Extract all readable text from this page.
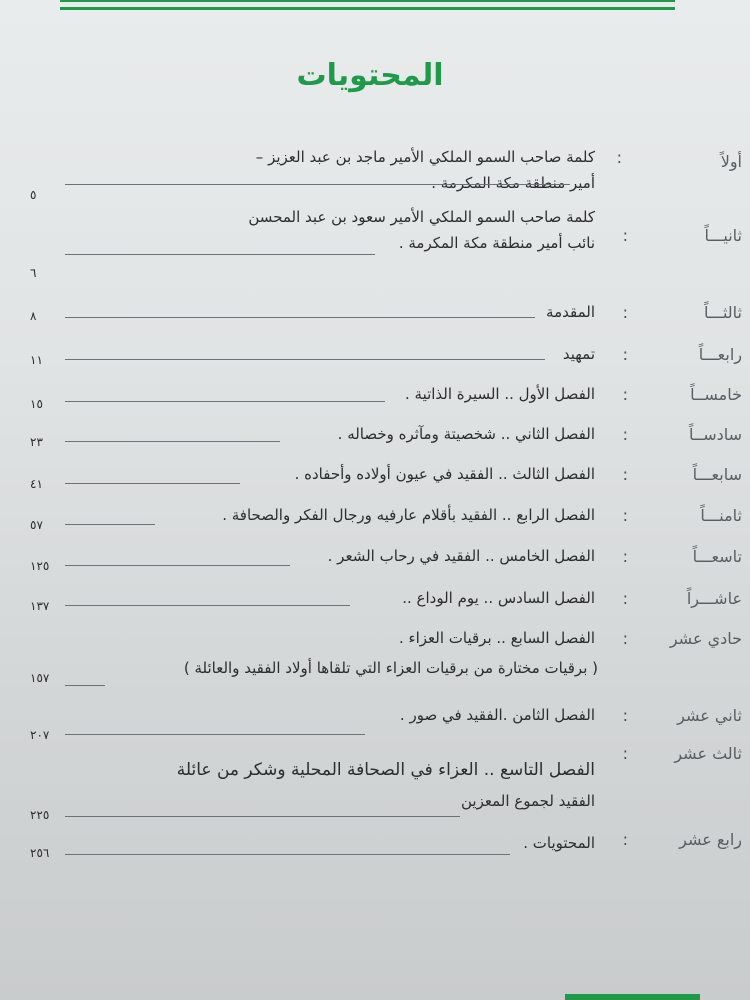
المحتويات
أولاً
:
كلمة صاحب السمو الملكي الأمير ماجد بن عبد العزيز –
أمير منطقة مكة المكرمة .
٥
ثانيـــاً
:
كلمة صاحب السمو الملكي الأمير سعود بن عبد المحسن
نائب أمير منطقة مكة المكرمة .
٦
ثالثـــاً
:
المقدمة
٨
رابعـــاً
:
تمهيد
١١
خامســاً
:
الفصل الأول .. السيرة الذاتية .
١٥
سادســاً
:
الفصل الثاني .. شخصيتة ومآثره وخصاله .
٢٣
سابعـــاً
:
الفصل الثالث .. الفقيد في عيون أولاده وأحفاده .
٤١
ثامنـــاً
:
الفصل الرابع .. الفقيد بأقلام عارفيه ورجال الفكر والصحافة .
٥٧
تاسعـــاً
:
الفصل الخامس .. الفقيد في رحاب الشعر .
١٢٥
عاشـــراً
:
الفصل السادس .. يوم الوداع ..
١٣٧
حادي عشر
:
الفصل السابع .. برقيات العزاء .
( برقيات مختارة من برقيات العزاء التي تلقاها أولاد الفقيد والعائلة )
١٥٧
ثاني عشر
:
الفصل الثامن .الفقيد في صور .
٢٠٧
ثالث عشر
:
الفصل التاسع .. العزاء في الصحافة المحلية وشكر من عائلة
الفقيد لجموع المعزين
٢٢٥
رابع عشر
:
المحتويات .
٢٥٦
